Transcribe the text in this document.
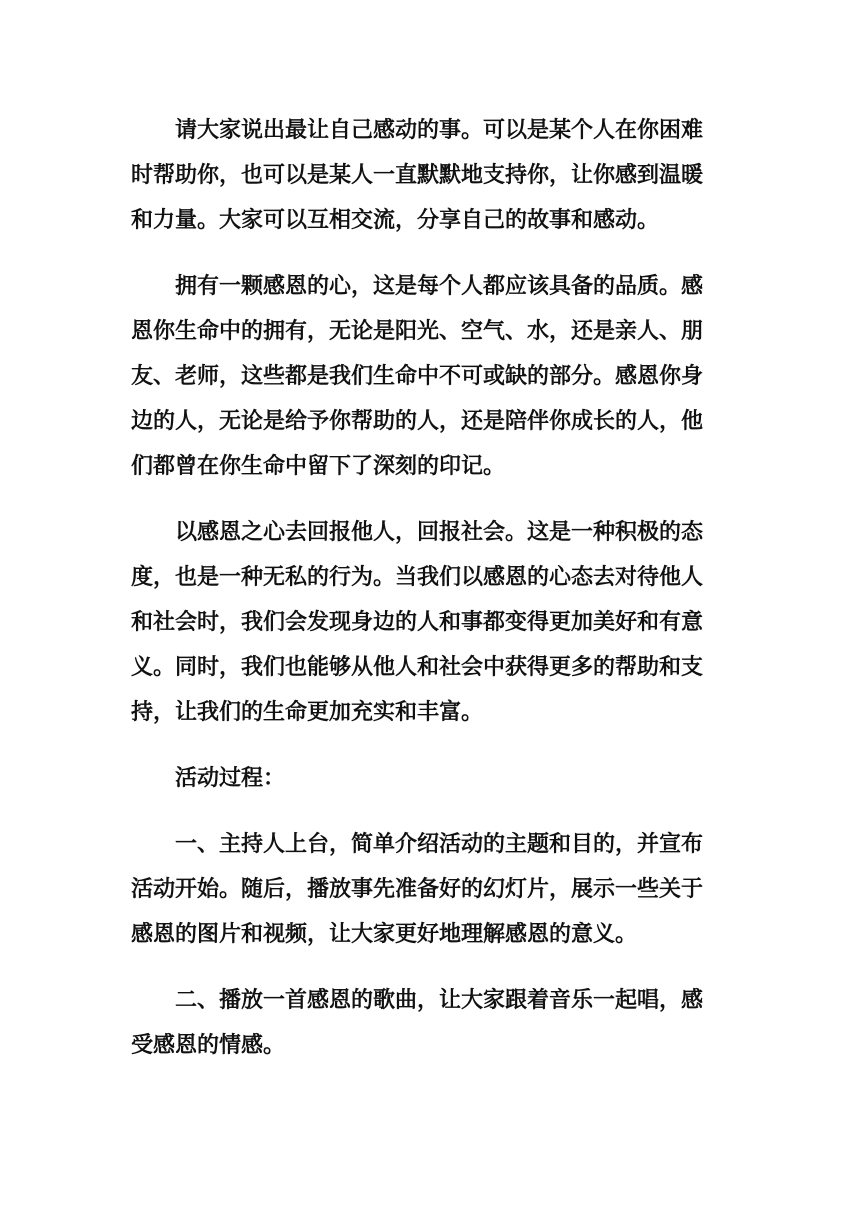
请大家说出最让自己感动的事。可以是某个人在你困难
时帮助你，也可以是某人一直默默地支持你，让你感到温暖
和力量。大家可以互相交流，分享自己的故事和感动。
拥有一颗感恩的心，这是每个人都应该具备的品质。感
恩你生命中的拥有，无论是阳光、空气、水，还是亲人、朋
友、老师，这些都是我们生命中不可或缺的部分。感恩你身
边的人，无论是给予你帮助的人，还是陪伴你成长的人，他
们都曾在你生命中留下了深刻的印记。
以感恩之心去回报他人，回报社会。这是一种积极的态
度，也是一种无私的行为。当我们以感恩的心态去对待他人
和社会时，我们会发现身边的人和事都变得更加美好和有意
义。同时，我们也能够从他人和社会中获得更多的帮助和支
持，让我们的生命更加充实和丰富。
活动过程：
一、主持人上台，简单介绍活动的主题和目的，并宣布
活动开始。随后，播放事先准备好的幻灯片，展示一些关于
感恩的图片和视频，让大家更好地理解感恩的意义。
二、播放一首感恩的歌曲，让大家跟着音乐一起唱，感
受感恩的情感。
